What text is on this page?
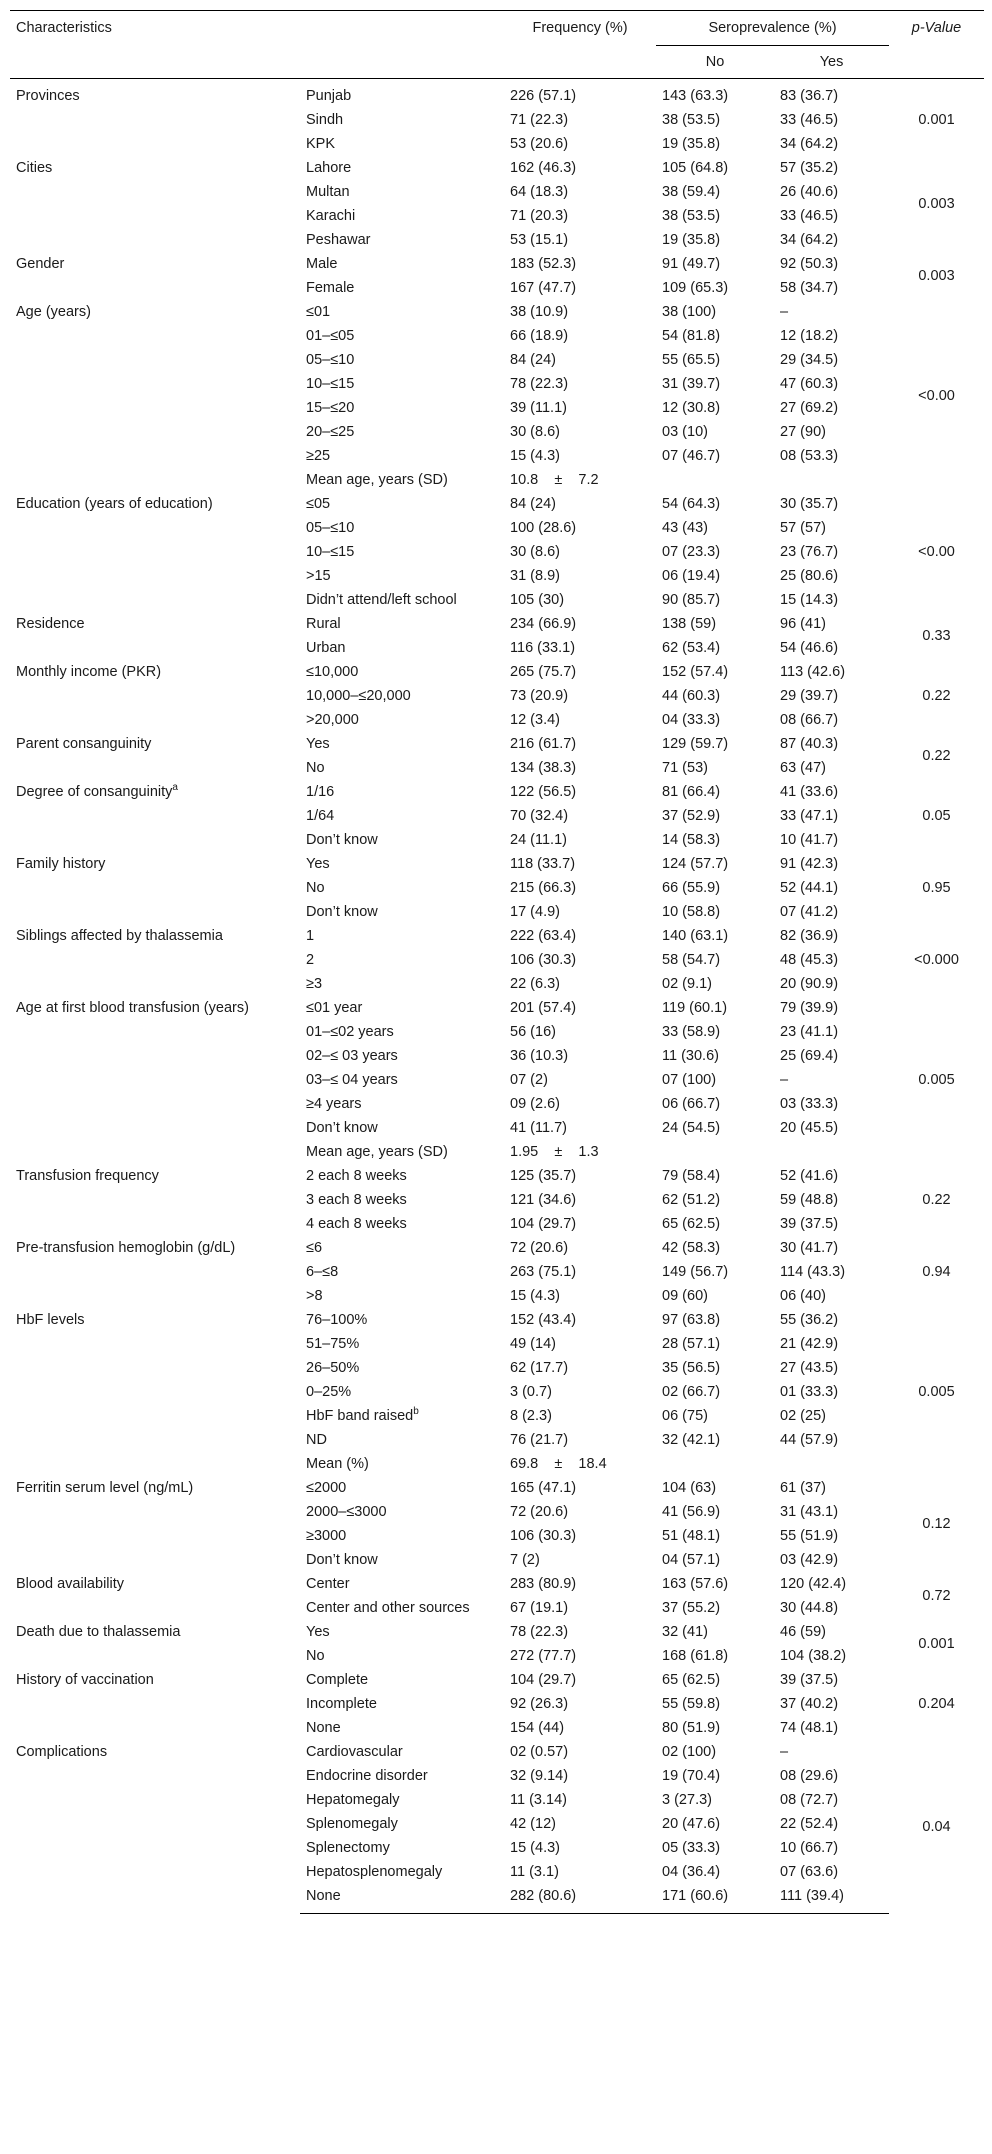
Characteristics		Frequency (%)	Seroprevalence (%)		p-Value
			No	Yes	
Provinces	Punjab	226 (57.1)	143 (63.3)	83 (36.7)	0.001
	Sindh	71 (22.3)	38 (53.5)	33 (46.5)	
	KPK	53 (20.6)	19 (35.8)	34 (64.2)	
Cities	Lahore	162 (46.3)	105 (64.8)	57 (35.2)	0.003
	Multan	64 (18.3)	38 (59.4)	26 (40.6)	
	Karachi	71 (20.3)	38 (53.5)	33 (46.5)	
	Peshawar	53 (15.1)	19 (35.8)	34 (64.2)	
Gender	Male	183 (52.3)	91 (49.7)	92 (50.3)	0.003
	Female	167 (47.7)	109 (65.3)	58 (34.7)	
Age (years)	≤01	38 (10.9)	38 (100)	–	<0.00
	01–≤05	66 (18.9)	54 (81.8)	12 (18.2)	
	05–≤10	84 (24)	55 (65.5)	29 (34.5)	
	10–≤15	78 (22.3)	31 (39.7)	47 (60.3)	
	15–≤20	39 (11.1)	12 (30.8)	27 (69.2)	
	20–≤25	30 (8.6)	03 (10)	27 (90)	
	≥25	15 (4.3)	07 (46.7)	08 (53.3)	
	Mean age, years (SD)	10.8    ±    7.2			
Education (years of education)	≤05	84 (24)	54 (64.3)	30 (35.7)	<0.00
	05–≤10	100 (28.6)	43 (43)	57 (57)	
	10–≤15	30 (8.6)	07 (23.3)	23 (76.7)	
	>15	31 (8.9)	06 (19.4)	25 (80.6)	
	Didn’t attend/left school	105 (30)	90 (85.7)	15 (14.3)	
Residence	Rural	234 (66.9)	138 (59)	96 (41)	0.33
	Urban	116 (33.1)	62 (53.4)	54 (46.6)	
Monthly income (PKR)	≤10,000	265 (75.7)	152 (57.4)	113 (42.6)	0.22
	10,000–≤20,000	73 (20.9)	44 (60.3)	29 (39.7)	
	>20,000	12 (3.4)	04 (33.3)	08 (66.7)	
Parent consanguinity	Yes	216 (61.7)	129 (59.7)	87 (40.3)	0.22
	No	134 (38.3)	71 (53)	63 (47)	
Degree of consanguinity$^a$	1/16	122 (56.5)	81 (66.4)	41 (33.6)	0.05
	1/64	70 (32.4)	37 (52.9)	33 (47.1)	
	Don’t know	24 (11.1)	14 (58.3)	10 (41.7)	
Family history	Yes	118 (33.7)	124 (57.7)	91 (42.3)	0.95
	No	215 (66.3)	66 (55.9)	52 (44.1)	
	Don’t know	17 (4.9)	10 (58.8)	07 (41.2)	
Siblings affected by thalassemia	1	222 (63.4)	140 (63.1)	82 (36.9)	<0.000
	2	106 (30.3)	58 (54.7)	48 (45.3)	
	≥3	22 (6.3)	02 (9.1)	20 (90.9)	
Age at first blood transfusion (years)	≤01 year	201 (57.4)	119 (60.1)	79 (39.9)	0.005
	01–≤02 years	56 (16)	33 (58.9)	23 (41.1)	
	02–≤ 03 years	36 (10.3)	11 (30.6)	25 (69.4)	
	03–≤ 04 years	07 (2)	07 (100)	–	
	≥4 years	09 (2.6)	06 (66.7)	03 (33.3)	
	Don’t know	41 (11.7)	24 (54.5)	20 (45.5)	
	Mean age, years (SD)	1.95    ±    1.3			
Transfusion frequency	2 each 8 weeks	125 (35.7)	79 (58.4)	52 (41.6)	0.22
	3 each 8 weeks	121 (34.6)	62 (51.2)	59 (48.8)	
	4 each 8 weeks	104 (29.7)	65 (62.5)	39 (37.5)	
Pre-transfusion hemoglobin (g/dL)	≤6	72 (20.6)	42 (58.3)	30 (41.7)	0.94
	6–≤8	263 (75.1)	149 (56.7)	114 (43.3)	
	>8	15 (4.3)	09 (60)	06 (40)	
HbF levels	76–100%	152 (43.4)	97 (63.8)	55 (36.2)	0.005
	51–75%	49 (14)	28 (57.1)	21 (42.9)	
	26–50%	62 (17.7)	35 (56.5)	27 (43.5)	
	0–25%	3 (0.7)	02 (66.7)	01 (33.3)	
	HbF band raised$^b$	8 (2.3)	06 (75)	02 (25)	
	ND	76 (21.7)	32 (42.1)	44 (57.9)	
	Mean (%)	69.8    ±    18.4			
Ferritin serum level (ng/mL)	≤2000	165 (47.1)	104 (63)	61 (37)	0.12
	2000–≤3000	72 (20.6)	41 (56.9)	31 (43.1)	
	≥3000	106 (30.3)	51 (48.1)	55 (51.9)	
	Don’t know	7 (2)	04 (57.1)	03 (42.9)	
Blood availability	Center	283 (80.9)	163 (57.6)	120 (42.4)	0.72
	Center and other sources	67 (19.1)	37 (55.2)	30 (44.8)	
Death due to thalassemia	Yes	78 (22.3)	32 (41)	46 (59)	0.001
	No	272 (77.7)	168 (61.8)	104 (38.2)	
History of vaccination	Complete	104 (29.7)	65 (62.5)	39 (37.5)	0.204
	Incomplete	92 (26.3)	55 (59.8)	37 (40.2)	
	None	154 (44)	80 (51.9)	74 (48.1)	
Complications	Cardiovascular	02 (0.57)	02 (100)	–	0.04
	Endocrine disorder	32 (9.14)	19 (70.4)	08 (29.6)	
	Hepatomegaly	11 (3.14)	3 (27.3)	08 (72.7)	
	Splenomegaly	42 (12)	20 (47.6)	22 (52.4)	
	Splenectomy	15 (4.3)	05 (33.3)	10 (66.7)	
	Hepatosplenomegaly	11 (3.1)	04 (36.4)	07 (63.6)	
	None	282 (80.6)	171 (60.6)	111 (39.4)	
